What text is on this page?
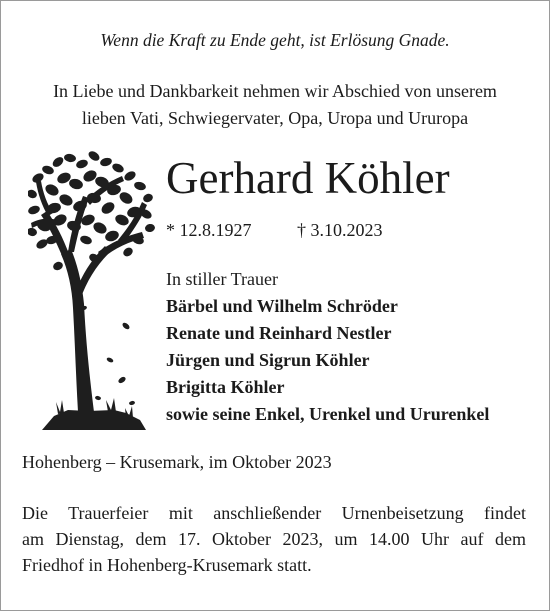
Wenn die Kraft zu Ende geht, ist Erlösung Gnade.
In Liebe und Dankbarkeit nehmen wir Abschied von unserem
lieben Vati, Schwiegervater, Opa, Uropa und Ururopa
Gerhard Köhler
* 12.8.1927	† 3.10.2023
In stiller Trauer
Bärbel und Wilhelm Schröder
Renate und Reinhard Nestler
Jürgen und Sigrun Köhler
Brigitta Köhler
sowie seine Enkel, Urenkel und Ururenkel
Hohenberg – Krusemark, im Oktober 2023
Die Trauerfeier mit anschließender Urnenbeisetzung findet
am Dienstag, dem 17. Oktober 2023, um 14.00 Uhr auf dem
Friedhof in Hohenberg-Krusemark statt.
